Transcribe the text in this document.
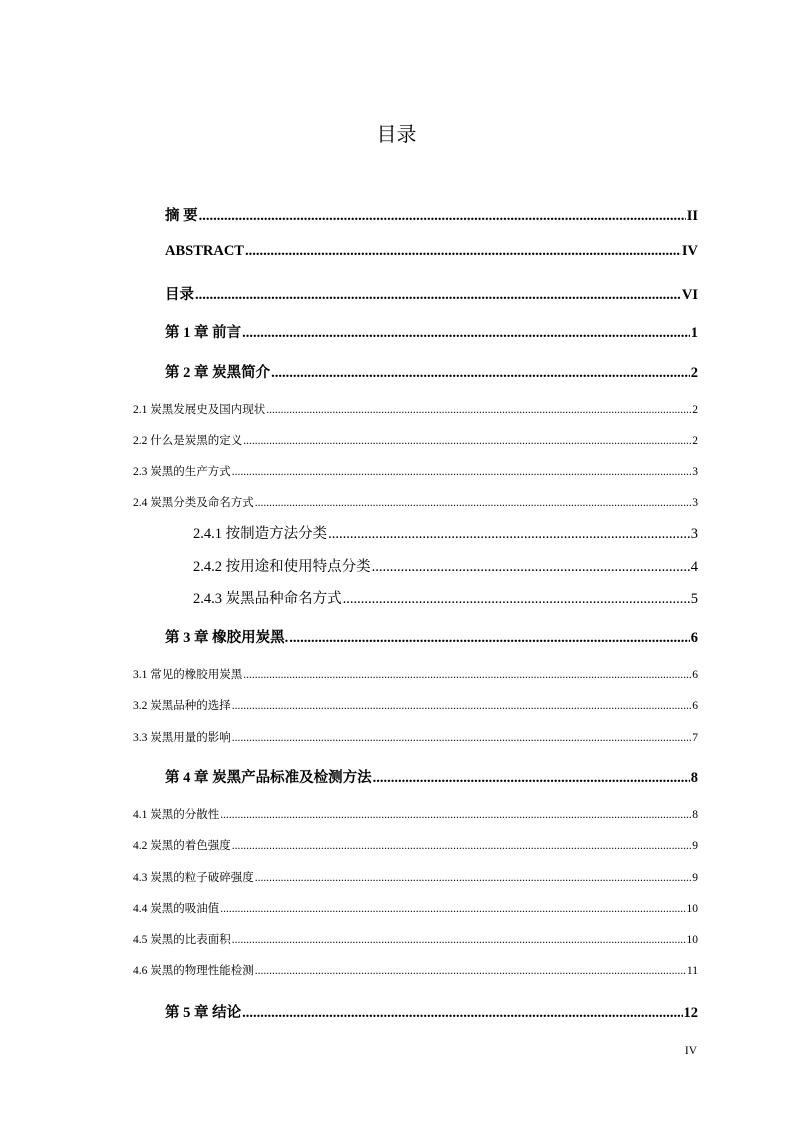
目录
摘 要 .....	II
ABSTRACT .....	IV
目录 .....	VI
第 1 章 前言 .....	1
第 2 章 炭黑简介 .....	2
2.1 炭黑发展史及国内现状 .....	2
2.2 什么是炭黑的定义 .....	2
2.3 炭黑的生产方式 .....	3
2.4 炭黑分类及命名方式 .....	3
2.4.1 按制造方法分类 .....	3
2.4.2 按用途和使用特点分类 .....	4
2.4.3 炭黑品种命名方式 .....	5
第 3 章 橡胶用炭黑. .....	6
3.1 常见的橡胶用炭黑 .....	6
3.2 炭黑品种的选择 .....	6
3.3 炭黑用量的影响 .....	7
第 4 章 炭黑产品标准及检测方法 .....	8
4.1 炭黑的分散性 .....	8
4.2 炭黑的着色强度 .....	9
4.3 炭黑的粒子破碎强度 .....	9
4.4 炭黑的吸油值 .....	10
4.5 炭黑的比表面积 .....	10
4.6 炭黑的物理性能检测 .....	11
第 5 章 结论 .....	12
IV
